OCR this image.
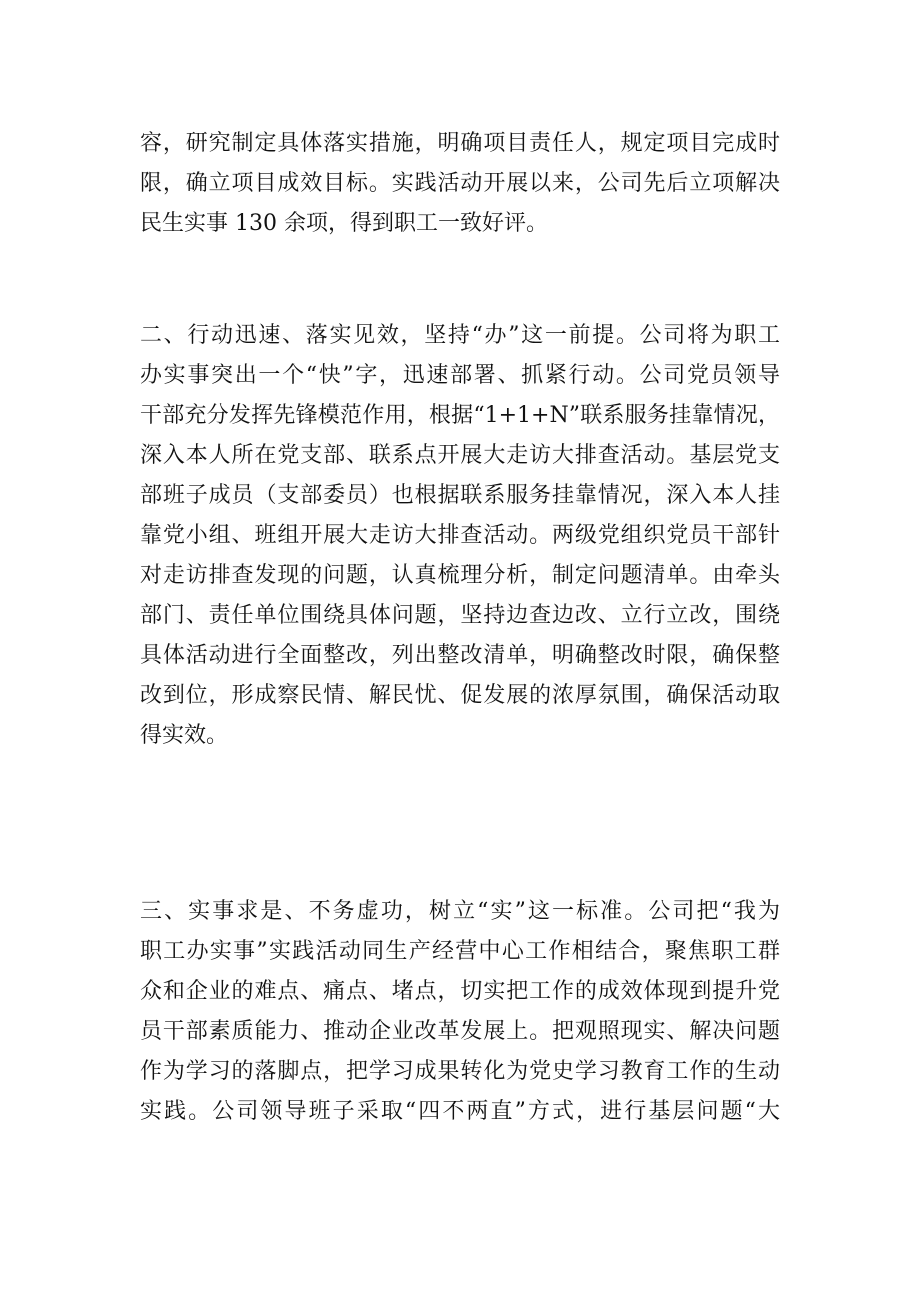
容，研究制定具体落实措施，明确项目责任人，规定项目完成时
限，确立项目成效目标。实践活动开展以来，公司先后立项解决
民生实事 130 余项，得到职工一致好评。
二、行动迅速、落实见效，坚持“办”这一前提。公司将为职工
办实事突出一个“快”字，迅速部署、抓紧行动。公司党员领导
干部充分发挥先锋模范作用，根据“1+1+N”联系服务挂靠情况，
深入本人所在党支部、联系点开展大走访大排查活动。基层党支
部班子成员（支部委员）也根据联系服务挂靠情况，深入本人挂
靠党小组、班组开展大走访大排查活动。两级党组织党员干部针
对走访排查发现的问题，认真梳理分析，制定问题清单。由牵头
部门、责任单位围绕具体问题，坚持边查边改、立行立改，围绕
具体活动进行全面整改，列出整改清单，明确整改时限，确保整
改到位，形成察民情、解民忧、促发展的浓厚氛围，确保活动取
得实效。
三、实事求是、不务虚功，树立“实”这一标准。公司把“我为
职工办实事”实践活动同生产经营中心工作相结合，聚焦职工群
众和企业的难点、痛点、堵点，切实把工作的成效体现到提升党
员干部素质能力、推动企业改革发展上。把观照现实、解决问题
作为学习的落脚点，把学习成果转化为党史学习教育工作的生动
实践。公司领导班子采取“四不两直”方式，进行基层问题“大
